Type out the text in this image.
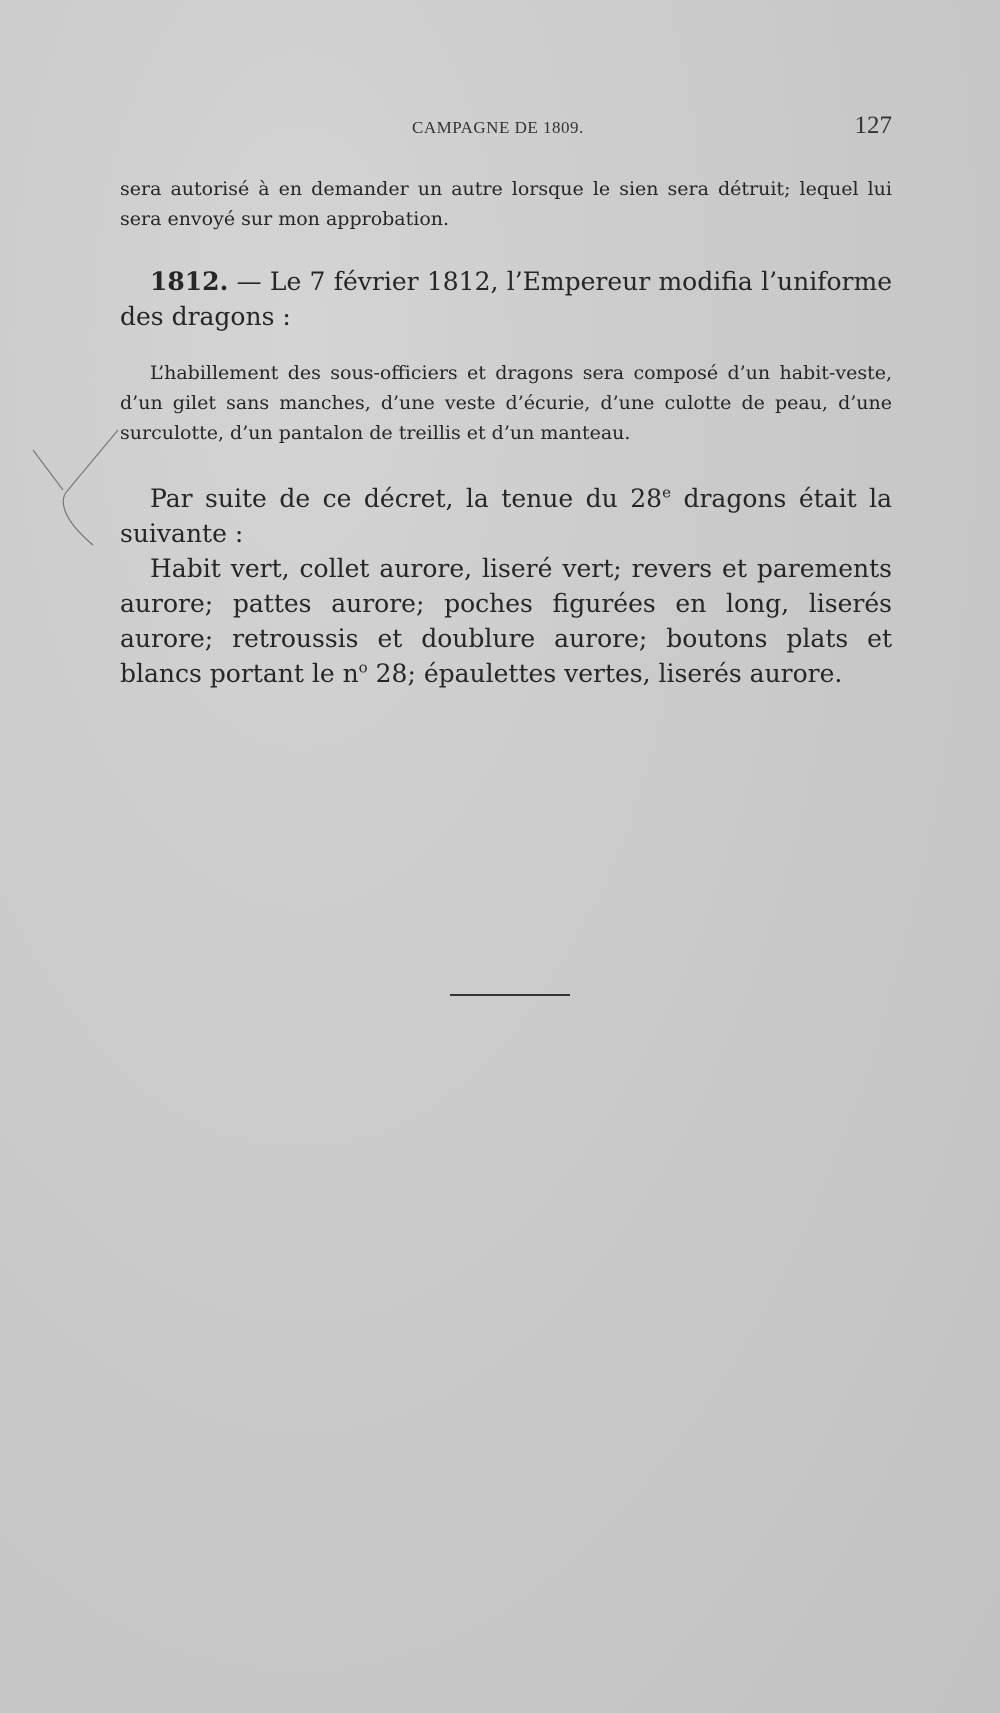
CAMPAGNE DE 1809.	127

sera autorisé à en demander un autre lorsque le sien sera détruit; lequel lui sera envoyé sur mon approbation.

1812. — Le 7 février 1812, l’Empereur modifia l’uniforme des dragons :

L’habillement des sous-officiers et dragons sera composé d’un habit-veste, d’un gilet sans manches, d’une veste d’écurie, d’une culotte de peau, d’une surculotte, d’un pantalon de treillis et d’un manteau.

Par suite de ce décret, la tenue du 28e dragons était la suivante :

Habit vert, collet aurore, liseré vert; revers et parements aurore; pattes aurore; poches figurées en long, liserés aurore; retroussis et doublure aurore; boutons plats et blancs portant le $n^o$ 28; épaulettes vertes, liserés aurore.
